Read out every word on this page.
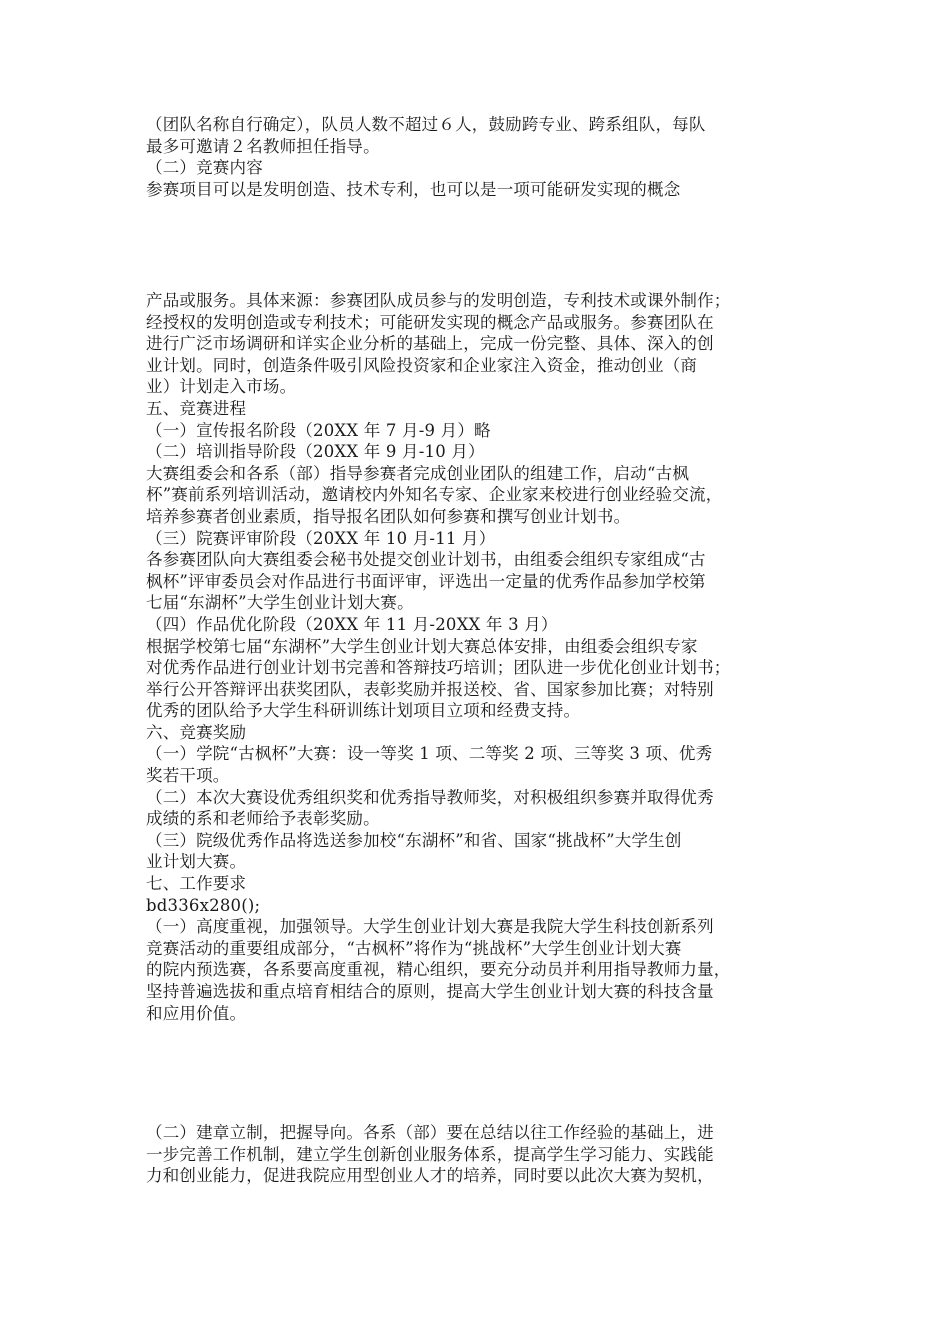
（团队名称自行确定），队员人数不超过６人，鼓励跨专业、跨系组队，每队
最多可邀请２名教师担任指导。
（二）竞赛内容
参赛项目可以是发明创造、技术专利，也可以是一项可能研发实现的概念
产品或服务。具体来源：参赛团队成员参与的发明创造，专利技术或课外制作；
经授权的发明创造或专利技术；可能研发实现的概念产品或服务。参赛团队在
进行广泛市场调研和详实企业分析的基础上，完成一份完整、具体、深入的创
业计划。同时，创造条件吸引风险投资家和企业家注入资金，推动创业（商
业）计划走入市场。
五、竞赛进程
（一）宣传报名阶段（20XX 年 7 月-9 月）略
（二）培训指导阶段（20XX 年 9 月-10 月）
大赛组委会和各系（部）指导参赛者完成创业团队的组建工作，启动“古枫
杯”赛前系列培训活动，邀请校内外知名专家、企业家来校进行创业经验交流，
培养参赛者创业素质，指导报名团队如何参赛和撰写创业计划书。
（三）院赛评审阶段（20XX 年 10 月-11 月）
各参赛团队向大赛组委会秘书处提交创业计划书，由组委会组织专家组成“古
枫杯”评审委员会对作品进行书面评审，评选出一定量的优秀作品参加学校第
七届“东湖杯”大学生创业计划大赛。
（四）作品优化阶段（20XX 年 11 月-20XX 年 3 月）
根据学校第七届“东湖杯”大学生创业计划大赛总体安排，由组委会组织专家
对优秀作品进行创业计划书完善和答辩技巧培训；团队进一步优化创业计划书；
举行公开答辩评出获奖团队，表彰奖励并报送校、省、国家参加比赛；对特别
优秀的团队给予大学生科研训练计划项目立项和经费支持。
六、竞赛奖励
（一）学院“古枫杯”大赛：设一等奖 1 项、二等奖 2 项、三等奖 3 项、优秀
奖若干项。
（二）本次大赛设优秀组织奖和优秀指导教师奖，对积极组织参赛并取得优秀
成绩的系和老师给予表彰奖励。
（三）院级优秀作品将选送参加校“东湖杯”和省、国家“挑战杯”大学生创
业计划大赛。
七、工作要求
bd336x280();
（一）高度重视，加强领导。大学生创业计划大赛是我院大学生科技创新系列
竞赛活动的重要组成部分，“古枫杯”将作为“挑战杯”大学生创业计划大赛
的院内预选赛，各系要高度重视，精心组织，要充分动员并利用指导教师力量，
坚持普遍选拔和重点培育相结合的原则，提高大学生创业计划大赛的科技含量
和应用价值。
（二）建章立制，把握导向。各系（部）要在总结以往工作经验的基础上，进
一步完善工作机制，建立学生创新创业服务体系，提高学生学习能力、实践能
力和创业能力，促进我院应用型创业人才的培养，同时要以此次大赛为契机，
